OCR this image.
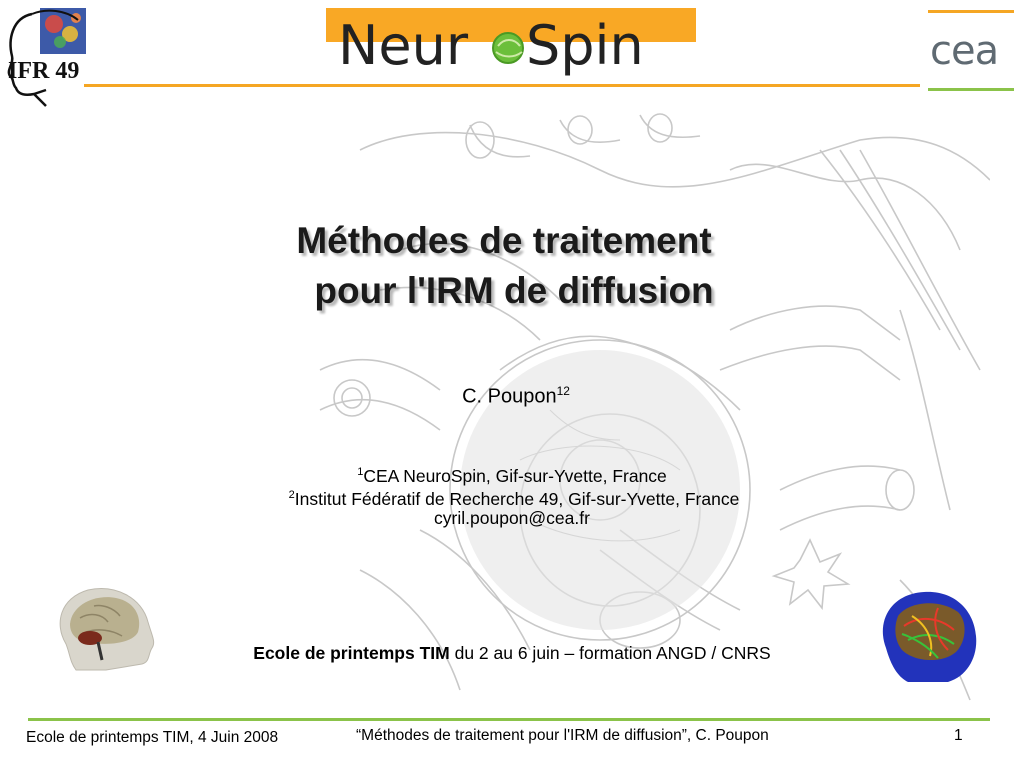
IFR 49	Neur Spin	cea
Méthodes de traitement
pour l'IRM de diffusion
C. Poupon$^{12}$
$^1$CEA NeuroSpin, Gif-sur-Yvette, France
$^2$Institut Fédératif de Recherche 49, Gif-sur-Yvette, France
cyril.poupon@cea.fr
Ecole de printemps TIM du 2 au 6 juin – formation ANGD / CNRS
Ecole de printemps TIM, 4 Juin 2008	“Méthodes de traitement pour l'IRM de diffusion”, C. Poupon	1
